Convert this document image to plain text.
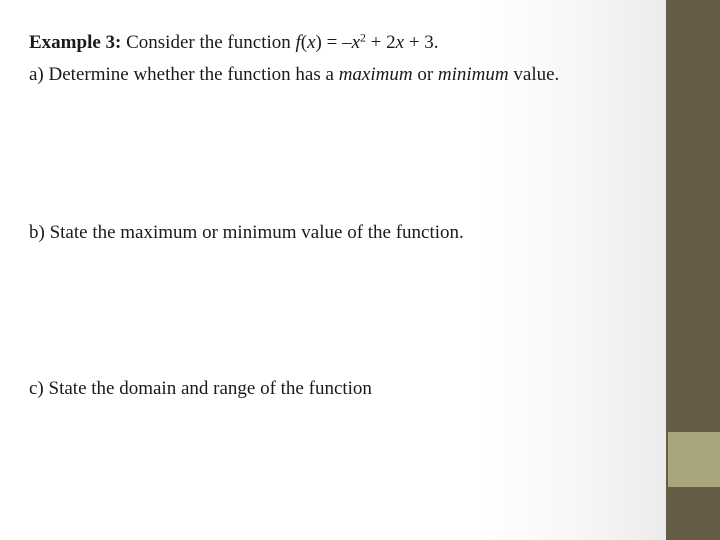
Example 3: Consider the function $f(x) = -x^2 + 2x + 3$.
a) Determine whether the function has a maximum or minimum value.
b) State the maximum or minimum value of the function.
c) State the domain and range of the function
